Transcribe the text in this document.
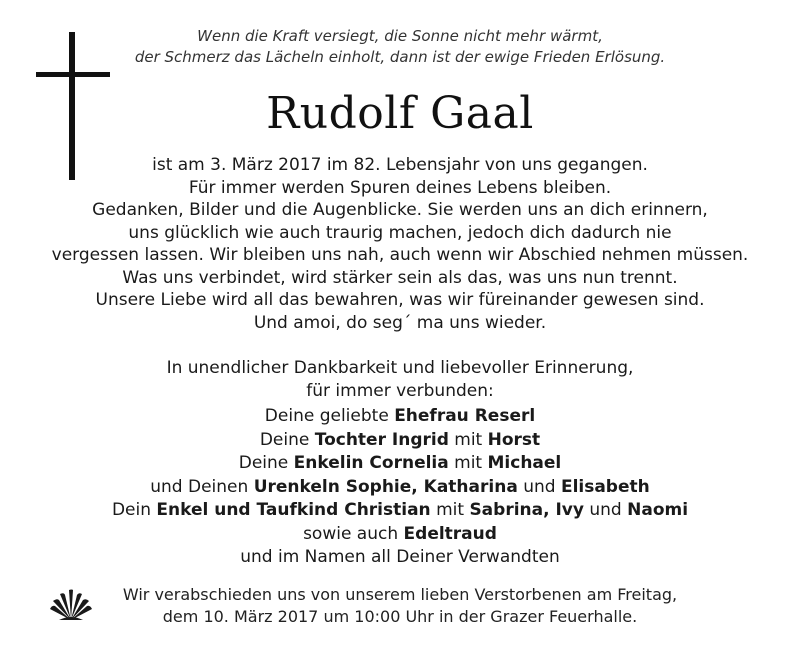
Wenn die Kraft versiegt, die Sonne nicht mehr wärmt,
der Schmerz das Lächeln einholt, dann ist der ewige Frieden Erlösung.
Rudolf Gaal
ist am 3. März 2017 im 82. Lebensjahr von uns gegangen.
Für immer werden Spuren deines Lebens bleiben.
Gedanken, Bilder und die Augenblicke. Sie werden uns an dich erinnern,
uns glücklich wie auch traurig machen, jedoch dich dadurch nie
vergessen lassen. Wir bleiben uns nah, auch wenn wir Abschied nehmen müssen.
Was uns verbindet, wird stärker sein als das, was uns nun trennt.
Unsere Liebe wird all das bewahren, was wir füreinander gewesen sind.
Und amoi, do seg´ ma uns wieder.
In unendlicher Dankbarkeit und liebevoller Erinnerung,
für immer verbunden:
Deine geliebte Ehefrau Reserl
Deine Tochter Ingrid mit Horst
Deine Enkelin Cornelia mit Michael
und Deinen Urenkeln Sophie, Katharina und Elisabeth
Dein Enkel und Taufkind Christian mit Sabrina, Ivy und Naomi
sowie auch Edeltraud
und im Namen all Deiner Verwandten
Wir verabschieden uns von unserem lieben Verstorbenen am Freitag,
dem 10. März 2017 um 10:00 Uhr in der Grazer Feuerhalle.
